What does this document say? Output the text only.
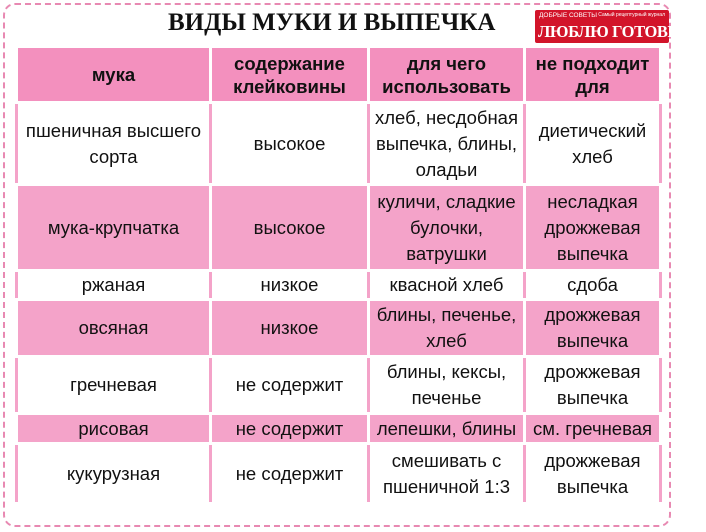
ВИДЫ МУКИ И ВЫПЕЧКА	ДОБРЫЕ СОВЕТЫ Самый рецептурный журнал
ЛЮБЛЮ ГОТОВИТЬ!
мука	содержание клейковины	для чего использовать	не подходит для
пшеничная высшего сорта	высокое	хлеб, несдобная выпечка, блины, оладьи	диетический хлеб
мука-крупчатка	высокое	куличи, сладкие булочки, ватрушки	несладкая дрожжевая выпечка
ржаная	низкое	квасной хлеб	сдоба
овсяная	низкое	блины, печенье, хлеб	дрожжевая выпечка
гречневая	не содержит	блины, кексы, печенье	дрожжевая выпечка
рисовая	не содержит	лепешки, блины	см. гречневая
кукурузная	не содержит	смешивать с пшеничной 1:3	дрожжевая выпечка
